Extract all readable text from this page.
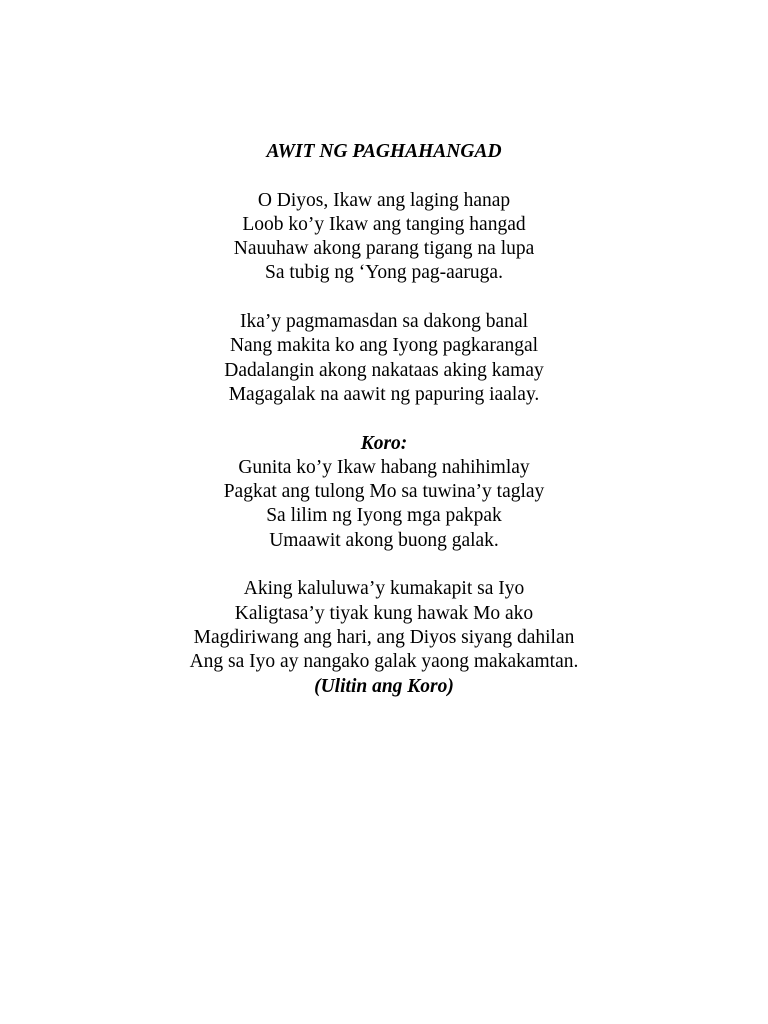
AWIT NG PAGHAHANGAD
O Diyos, Ikaw ang laging hanap
Loob ko’y Ikaw ang tanging hangad
Nauuhaw akong parang tigang na lupa
Sa tubig ng ‘Yong pag-aaruga.
Ika’y pagmamasdan sa dakong banal
Nang makita ko ang Iyong pagkarangal
Dadalangin akong nakataas aking kamay
Magagalak na aawit ng papuring iaalay.
Koro:
Gunita ko’y Ikaw habang nahihimlay
Pagkat ang tulong Mo sa tuwina’y taglay
Sa lilim ng Iyong mga pakpak
Umaawit akong buong galak.
Aking kaluluwa’y kumakapit sa Iyo
Kaligtasa’y tiyak kung hawak Mo ako
Magdiriwang ang hari, ang Diyos siyang dahilan
Ang sa Iyo ay nangako galak yaong makakamtan.
(Ulitin ang Koro)
